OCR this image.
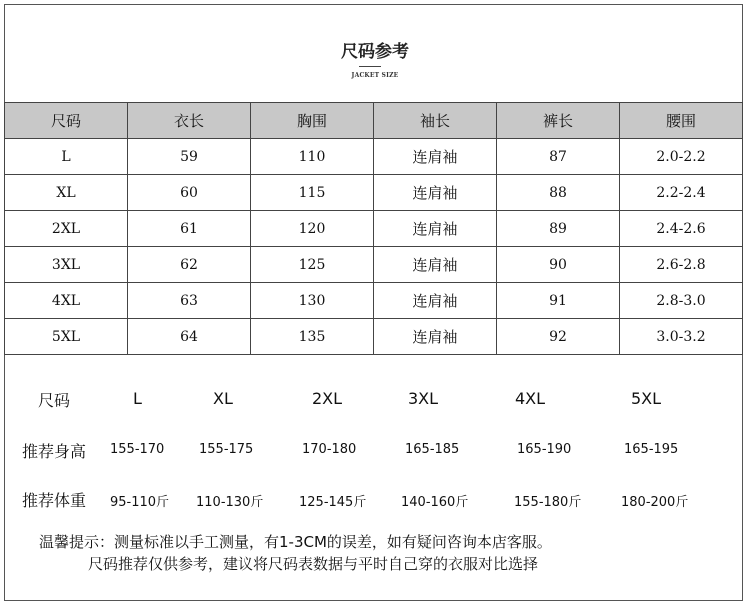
尺码参考
JACKET SIZE
尺码	衣长	胸围	袖长	裤长	腰围
L	59	110	连肩袖	87	2.0-2.2
XL	60	115	连肩袖	88	2.2-2.4
2XL	61	120	连肩袖	89	2.4-2.6
3XL	62	125	连肩袖	90	2.6-2.8
4XL	63	130	连肩袖	91	2.8-3.0
5XL	64	135	连肩袖	92	3.0-3.2
尺码	L	XL	2XL	3XL	4XL	5XL
推荐身高 155-170	155-175	170-180	165-185	165-190	165-195
推荐体重 95-110斤 110-130斤	125-145斤	140-160斤	155-180斤	180-200斤
温馨提示：测量标准以手工测量，有1-3CM的误差，如有疑问咨询本店客服。
尺码推荐仅供参考，建议将尺码表数据与平时自己穿的衣服对比选择
